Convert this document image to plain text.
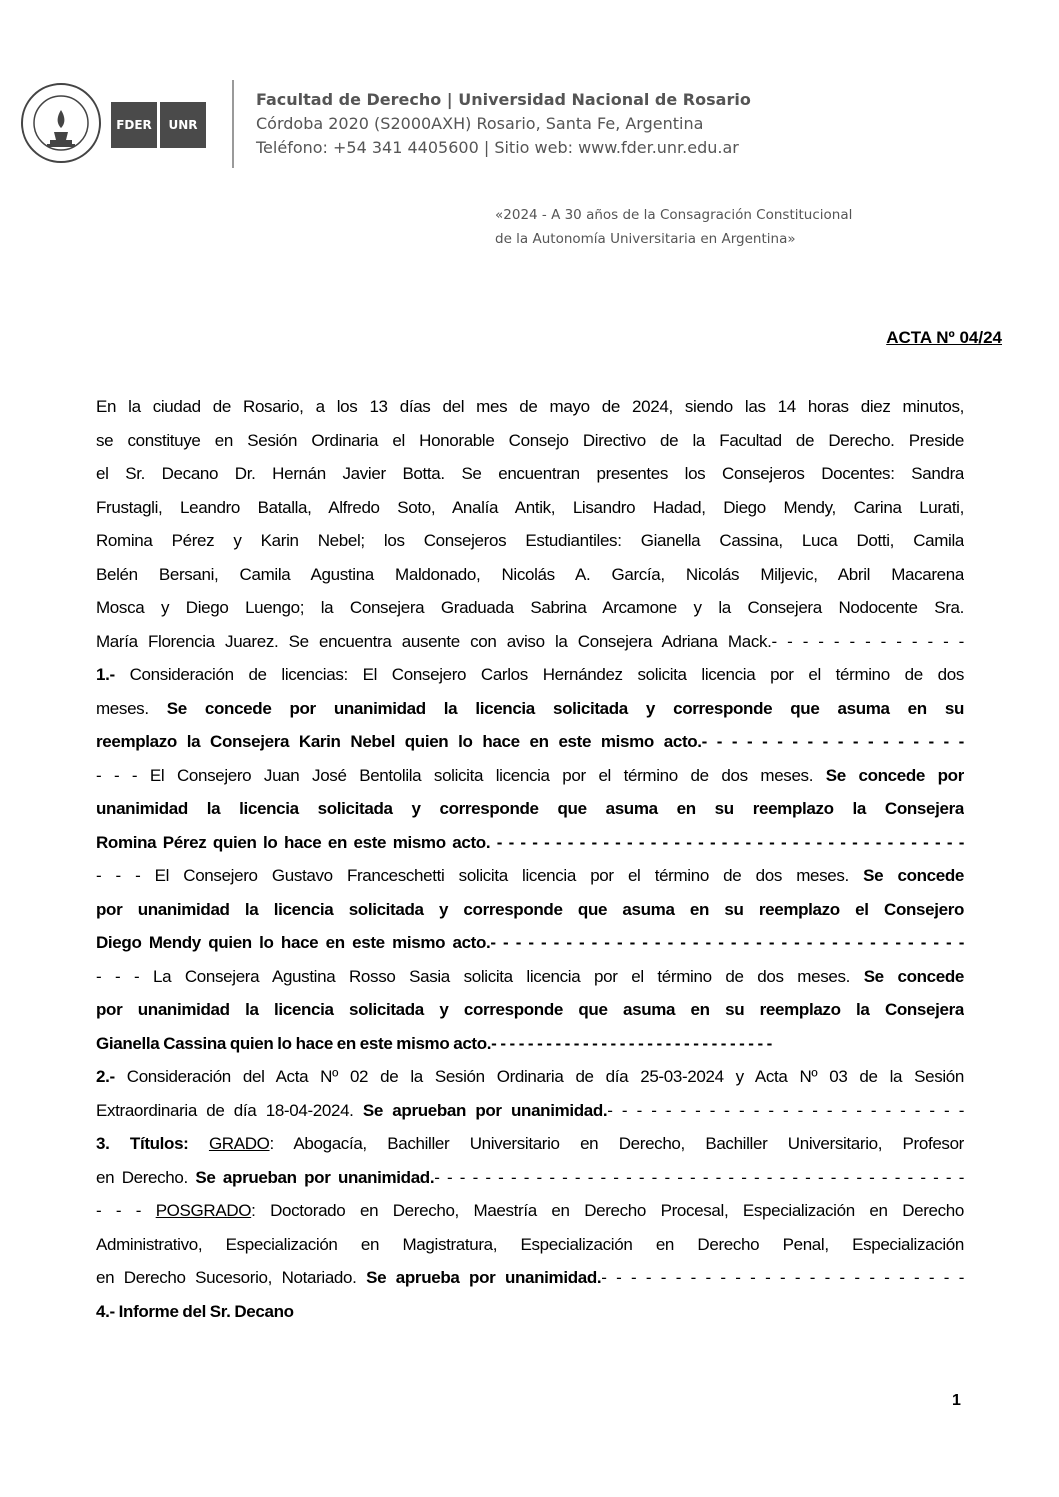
FDER	UNR
Facultad de Derecho | Universidad Nacional de Rosario
Córdoba 2020 (S2000AXH) Rosario, Santa Fe, Argentina
Teléfono: +54 341 4405600 | Sitio web: www.fder.unr.edu.ar
«2024 - A 30 años de la Consagración Constitucional
de la Autonomía Universitaria en Argentina»
ACTA Nº 04/24

En la ciudad de Rosario, a los 13 días del mes de mayo de 2024, siendo las 14 horas diez minutos,

se constituye en Sesión Ordinaria el Honorable Consejo Directivo de la Facultad de Derecho. Preside

el Sr. Decano Dr. Hernán Javier Botta. Se encuentran presentes los Consejeros Docentes: Sandra

Frustagli, Leandro Batalla, Alfredo Soto, Analía Antik, Lisandro Hadad, Diego Mendy, Carina Lurati,

Romina Pérez y Karin Nebel; los Consejeros Estudiantiles: Gianella Cassina, Luca Dotti, Camila

Belén Bersani, Camila Agustina Maldonado, Nicolás A. García, Nicolás Miljevic, Abril Macarena

Mosca y Diego Luengo; la Consejera Graduada Sabrina Arcamone y la Consejera Nodocente Sra.

María Florencia Juarez. Se encuentra ausente con aviso la Consejera Adriana Mack.- - - - - - - - - - - - -

1.- Consideración de licencias: El Consejero Carlos Hernández solicita licencia por el término de dos

meses. Se concede por unanimidad la licencia solicitada y corresponde que asuma en su

reemplazo la Consejera Karin Nebel quien lo hace en este mismo acto.- - - - - - - - - - - - - - - - - -

- - - El Consejero Juan José Bentolila solicita licencia por el término de dos meses. Se concede por

unanimidad la licencia solicitada y corresponde que asuma en su reemplazo la Consejera

Romina Pérez quien lo hace en este mismo acto. - - - - - - - - - - - - - - - - - - - - - - - - - - - - - - - - - - - - - - - -

- - - El Consejero Gustavo Franceschetti solicita licencia por el término de dos meses. Se concede

por unanimidad la licencia solicitada y corresponde que asuma en su reemplazo el Consejero

Diego Mendy quien lo hace en este mismo acto.- - - - - - - - - - - - - - - - - - - - - - - - - - - - - - - - - - - - - -

- - - La Consejera Agustina Rosso Sasia solicita licencia por el término de dos meses. Se concede

por unanimidad la licencia solicitada y corresponde que asuma en su reemplazo la Consejera

Gianella Cassina quien lo hace en este mismo acto.- - - - - - - - - - - - - - - - - - - - - - - - - - - - - - -

2.- Consideración del Acta Nº 02 de la Sesión Ordinaria de día 25-03-2024 y Acta Nº 03 de la Sesión

Extraordinaria de día 18-04-2024. Se aprueban por unanimidad.- - - - - - - - - - - - - - - - - - - - - - - - -

3. Títulos: GRADO: Abogacía, Bachiller Universitario en Derecho, Bachiller Universitario, Profesor

en Derecho. Se aprueban por unanimidad.- - - - - - - - - - - - - - - - - - - - - - - - - - - - - - - - - - - - - - - - - -

- - - POSGRADO: Doctorado en Derecho, Maestría en Derecho Procesal, Especialización en Derecho

Administrativo, Especialización en Magistratura, Especialización en Derecho Penal, Especialización

en Derecho Sucesorio, Notariado. Se aprueba por unanimidad.- - - - - - - - - - - - - - - - - - - - - - - - -

4.- Informe del Sr. Decano

1
